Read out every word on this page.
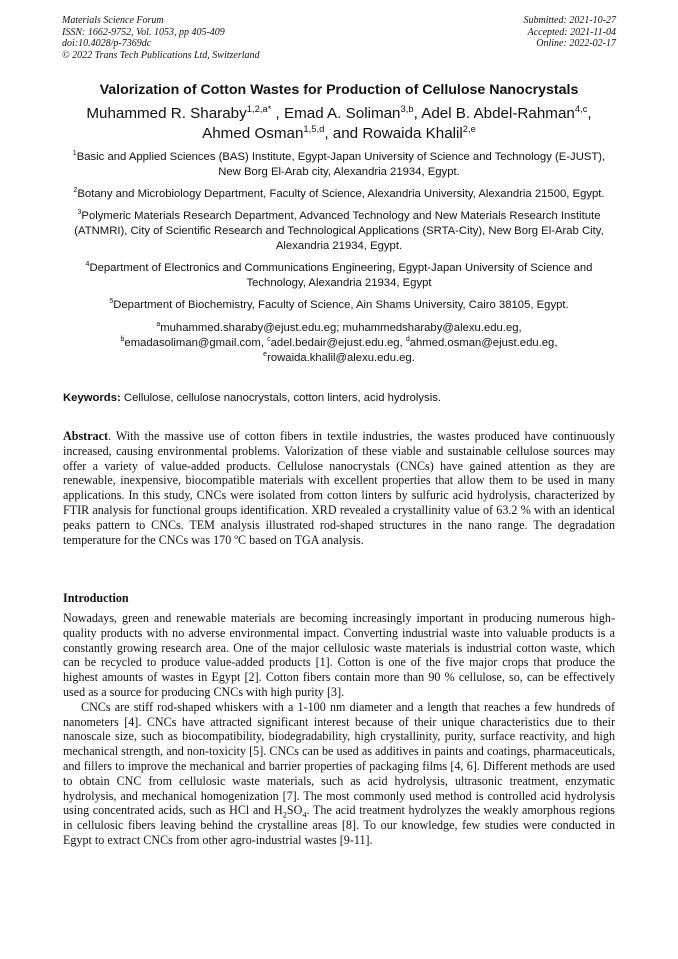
Materials Science Forum
ISSN: 1662-9752, Vol. 1053, pp 405-409
doi:10.4028/p-7369dc
© 2022 Trans Tech Publications Ltd, Switzerland
Submitted: 2021-10-27
Accepted: 2021-11-04
Online: 2022-02-17
Valorization of Cotton Wastes for Production of Cellulose Nanocrystals
Muhammed R. Sharaby$^{1,2,a*}$ , Emad A. Soliman$^{3,b}$, Adel B. Abdel-Rahman$^{4,c}$,
Ahmed Osman$^{1,5,d}$, and Rowaida Khalil$^{2,e}$
$^1$Basic and Applied Sciences (BAS) Institute, Egypt-Japan University of Science and Technology (E-JUST), New Borg El-Arab city, Alexandria 21934, Egypt.
$^2$Botany and Microbiology Department, Faculty of Science, Alexandria University, Alexandria 21500, Egypt.
$^3$Polymeric Materials Research Department, Advanced Technology and New Materials Research Institute (ATNMRI), City of Scientific Research and Technological Applications (SRTA-City), New Borg El-Arab City, Alexandria 21934, Egypt.
$^4$Department of Electronics and Communications Engineering, Egypt-Japan University of Science and Technology, Alexandria 21934, Egypt
$^5$Department of Biochemistry, Faculty of Science, Ain Shams University, Cairo 38105, Egypt.
$^a$muhammed.sharaby@ejust.edu.eg; muhammedsharaby@alexu.edu.eg,
$^b$emadasoliman@gmail.com, $^c$adel.bedair@ejust.edu.eg, $^d$ahmed.osman@ejust.edu.eg,
$^e$rowaida.khalil@alexu.edu.eg.
Keywords: Cellulose, cellulose nanocrystals, cotton linters, acid hydrolysis.
Abstract. With the massive use of cotton fibers in textile industries, the wastes produced have continuously increased, causing environmental problems. Valorization of these viable and sustainable cellulose sources may offer a variety of value-added products. Cellulose nanocrystals (CNCs) have gained attention as they are renewable, inexpensive, biocompatible materials with excellent properties that allow them to be used in many applications. In this study, CNCs were isolated from cotton linters by sulfuric acid hydrolysis, characterized by FTIR analysis for functional groups identification. XRD revealed a crystallinity value of 63.2 % with an identical peaks pattern to CNCs. TEM analysis illustrated rod-shaped structures in the nano range. The degradation temperature for the CNCs was 170 ºC based on TGA analysis.
Introduction

Nowadays, green and renewable materials are becoming increasingly important in producing numerous high-quality products with no adverse environmental impact. Converting industrial waste into valuable products is a constantly growing research area. One of the major cellulosic waste materials is industrial cotton waste, which can be recycled to produce value-added products [1]. Cotton is one of the five major crops that produce the highest amounts of wastes in Egypt [2]. Cotton fibers contain more than 90 % cellulose, so, can be effectively used as a source for producing CNCs with high purity [3].

CNCs are stiff rod-shaped whiskers with a 1-100 nm diameter and a length that reaches a few hundreds of nanometers [4]. CNCs have attracted significant interest because of their unique characteristics due to their nanoscale size, such as biocompatibility, biodegradability, high crystallinity, purity, surface reactivity, and high mechanical strength, and non-toxicity [5]. CNCs can be used as additives in paints and coatings, pharmaceuticals, and fillers to improve the mechanical and barrier properties of packaging films [4, 6]. Different methods are used to obtain CNC from cellulosic waste materials, such as acid hydrolysis, ultrasonic treatment, enzymatic hydrolysis, and mechanical homogenization [7]. The most commonly used method is controlled acid hydrolysis using concentrated acids, such as HCl and $H_2SO_4$. The acid treatment hydrolyzes the weakly amorphous regions in cellulosic fibers leaving behind the crystalline areas [8]. To our knowledge, few studies were conducted in Egypt to extract CNCs from other agro-industrial wastes [9-11].
